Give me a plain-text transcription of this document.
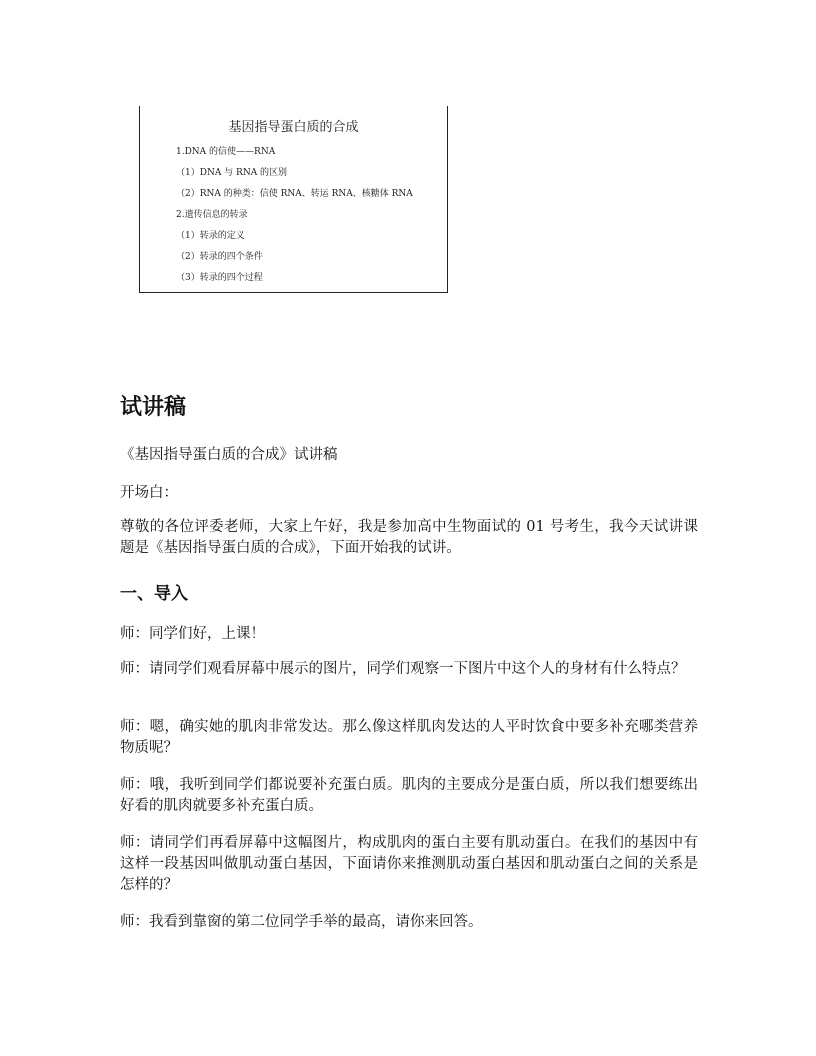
基因指导蛋白质的合成
1.DNA 的信使——RNA
（1）DNA 与 RNA 的区别
（2）RNA 的种类：信使 RNA、转运 RNA、核糖体 RNA
2.遗传信息的转录
（1）转录的定义
（2）转录的四个条件
（3）转录的四个过程
试讲稿

《基因指导蛋白质的合成》试讲稿

开场白：

尊敬的各位评委老师，大家上午好，我是参加高中生物面试的 01 号考生，我今天试讲课题是《基因指导蛋白质的合成》，下面开始我的试讲。

一、导入

师：同学们好，上课！

师：请同学们观看屏幕中展示的图片，同学们观察一下图片中这个人的身材有什么特点？

师：嗯，确实她的肌肉非常发达。那么像这样肌肉发达的人平时饮食中要多补充哪类营养物质呢？

师：哦，我听到同学们都说要补充蛋白质。肌肉的主要成分是蛋白质，所以我们想要练出好看的肌肉就要多补充蛋白质。

师：请同学们再看屏幕中这幅图片，构成肌肉的蛋白主要有肌动蛋白。在我们的基因中有这样一段基因叫做肌动蛋白基因，下面请你来推测肌动蛋白基因和肌动蛋白之间的关系是怎样的？

师：我看到靠窗的第二位同学手举的最高，请你来回答。
